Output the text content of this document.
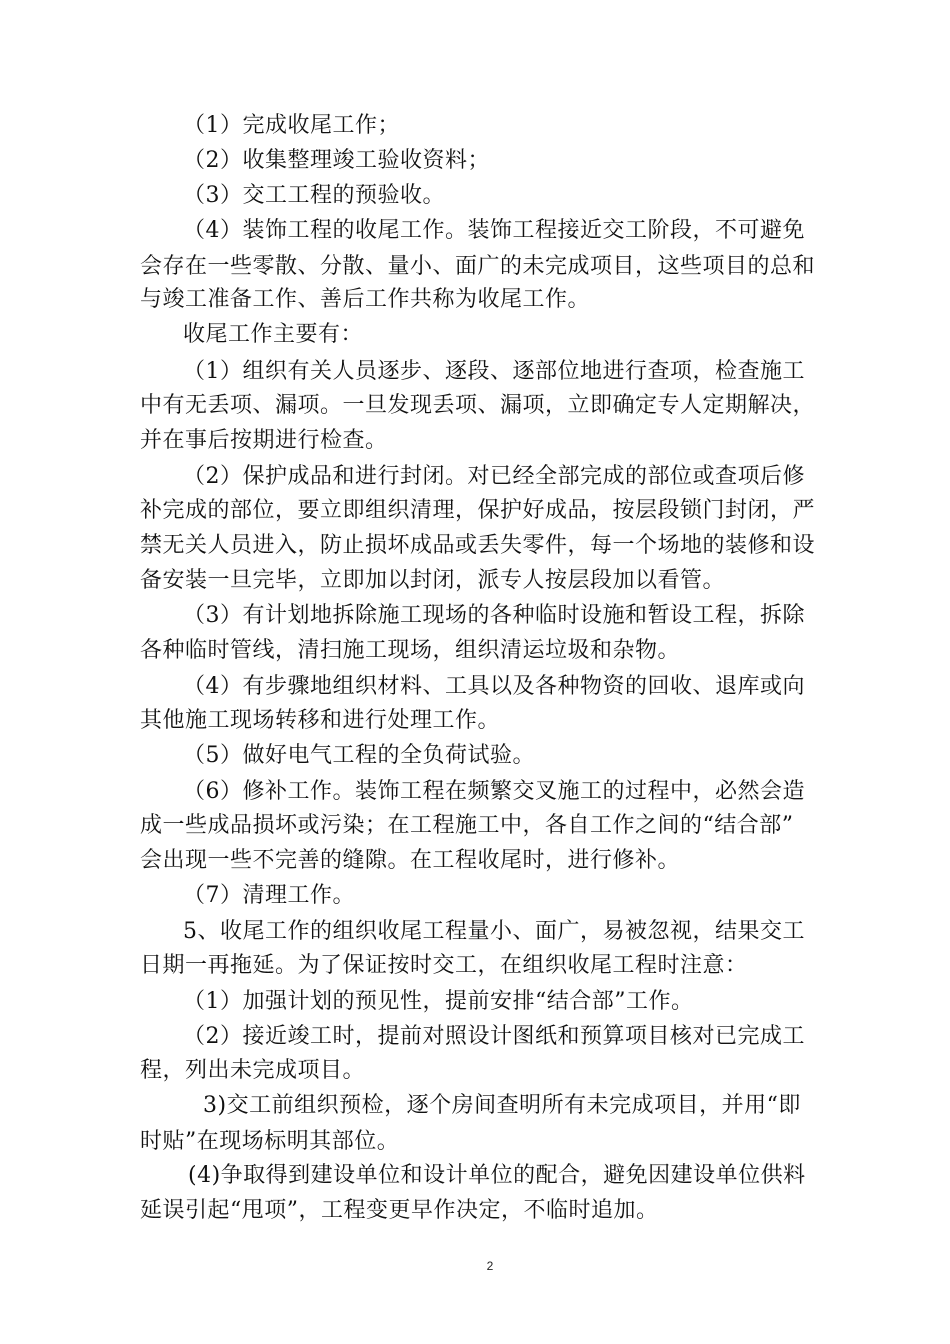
（1）完成收尾工作；
（2）收集整理竣工验收资料；
（3）交工工程的预验收。
（4）装饰工程的收尾工作。装饰工程接近交工阶段，不可避免
会存在一些零散、分散、量小、面广的未完成项目，这些项目的总和
与竣工准备工作、善后工作共称为收尾工作。
收尾工作主要有：
（1）组织有关人员逐步、逐段、逐部位地进行查项，检查施工
中有无丢项、漏项。一旦发现丢项、漏项，立即确定专人定期解决，
并在事后按期进行检查。
（2）保护成品和进行封闭。对已经全部完成的部位或查项后修
补完成的部位，要立即组织清理，保护好成品，按层段锁门封闭，严
禁无关人员进入，防止损坏成品或丢失零件，每一个场地的装修和设
备安装一旦完毕，立即加以封闭，派专人按层段加以看管。
（3）有计划地拆除施工现场的各种临时设施和暂设工程，拆除
各种临时管线，清扫施工现场，组织清运垃圾和杂物。
（4）有步骤地组织材料、工具以及各种物资的回收、退库或向
其他施工现场转移和进行处理工作。
（5）做好电气工程的全负荷试验。
（6）修补工作。装饰工程在频繁交叉施工的过程中，必然会造
成一些成品损坏或污染；在工程施工中，各自工作之间的“结合部”
会出现一些不完善的缝隙。在工程收尾时，进行修补。
（7）清理工作。
5、收尾工作的组织收尾工程量小、面广，易被忽视，结果交工
日期一再拖延。为了保证按时交工，在组织收尾工程时注意：
（1）加强计划的预见性，提前安排“结合部”工作。
（2）接近竣工时，提前对照设计图纸和预算项目核对已完成工
程，列出未完成项目。
3)交工前组织预检，逐个房间查明所有未完成项目，并用“即
时贴”在现场标明其部位。
(4)争取得到建设单位和设计单位的配合，避免因建设单位供料
延误引起“甩项”，工程变更早作决定，不临时追加。
2
